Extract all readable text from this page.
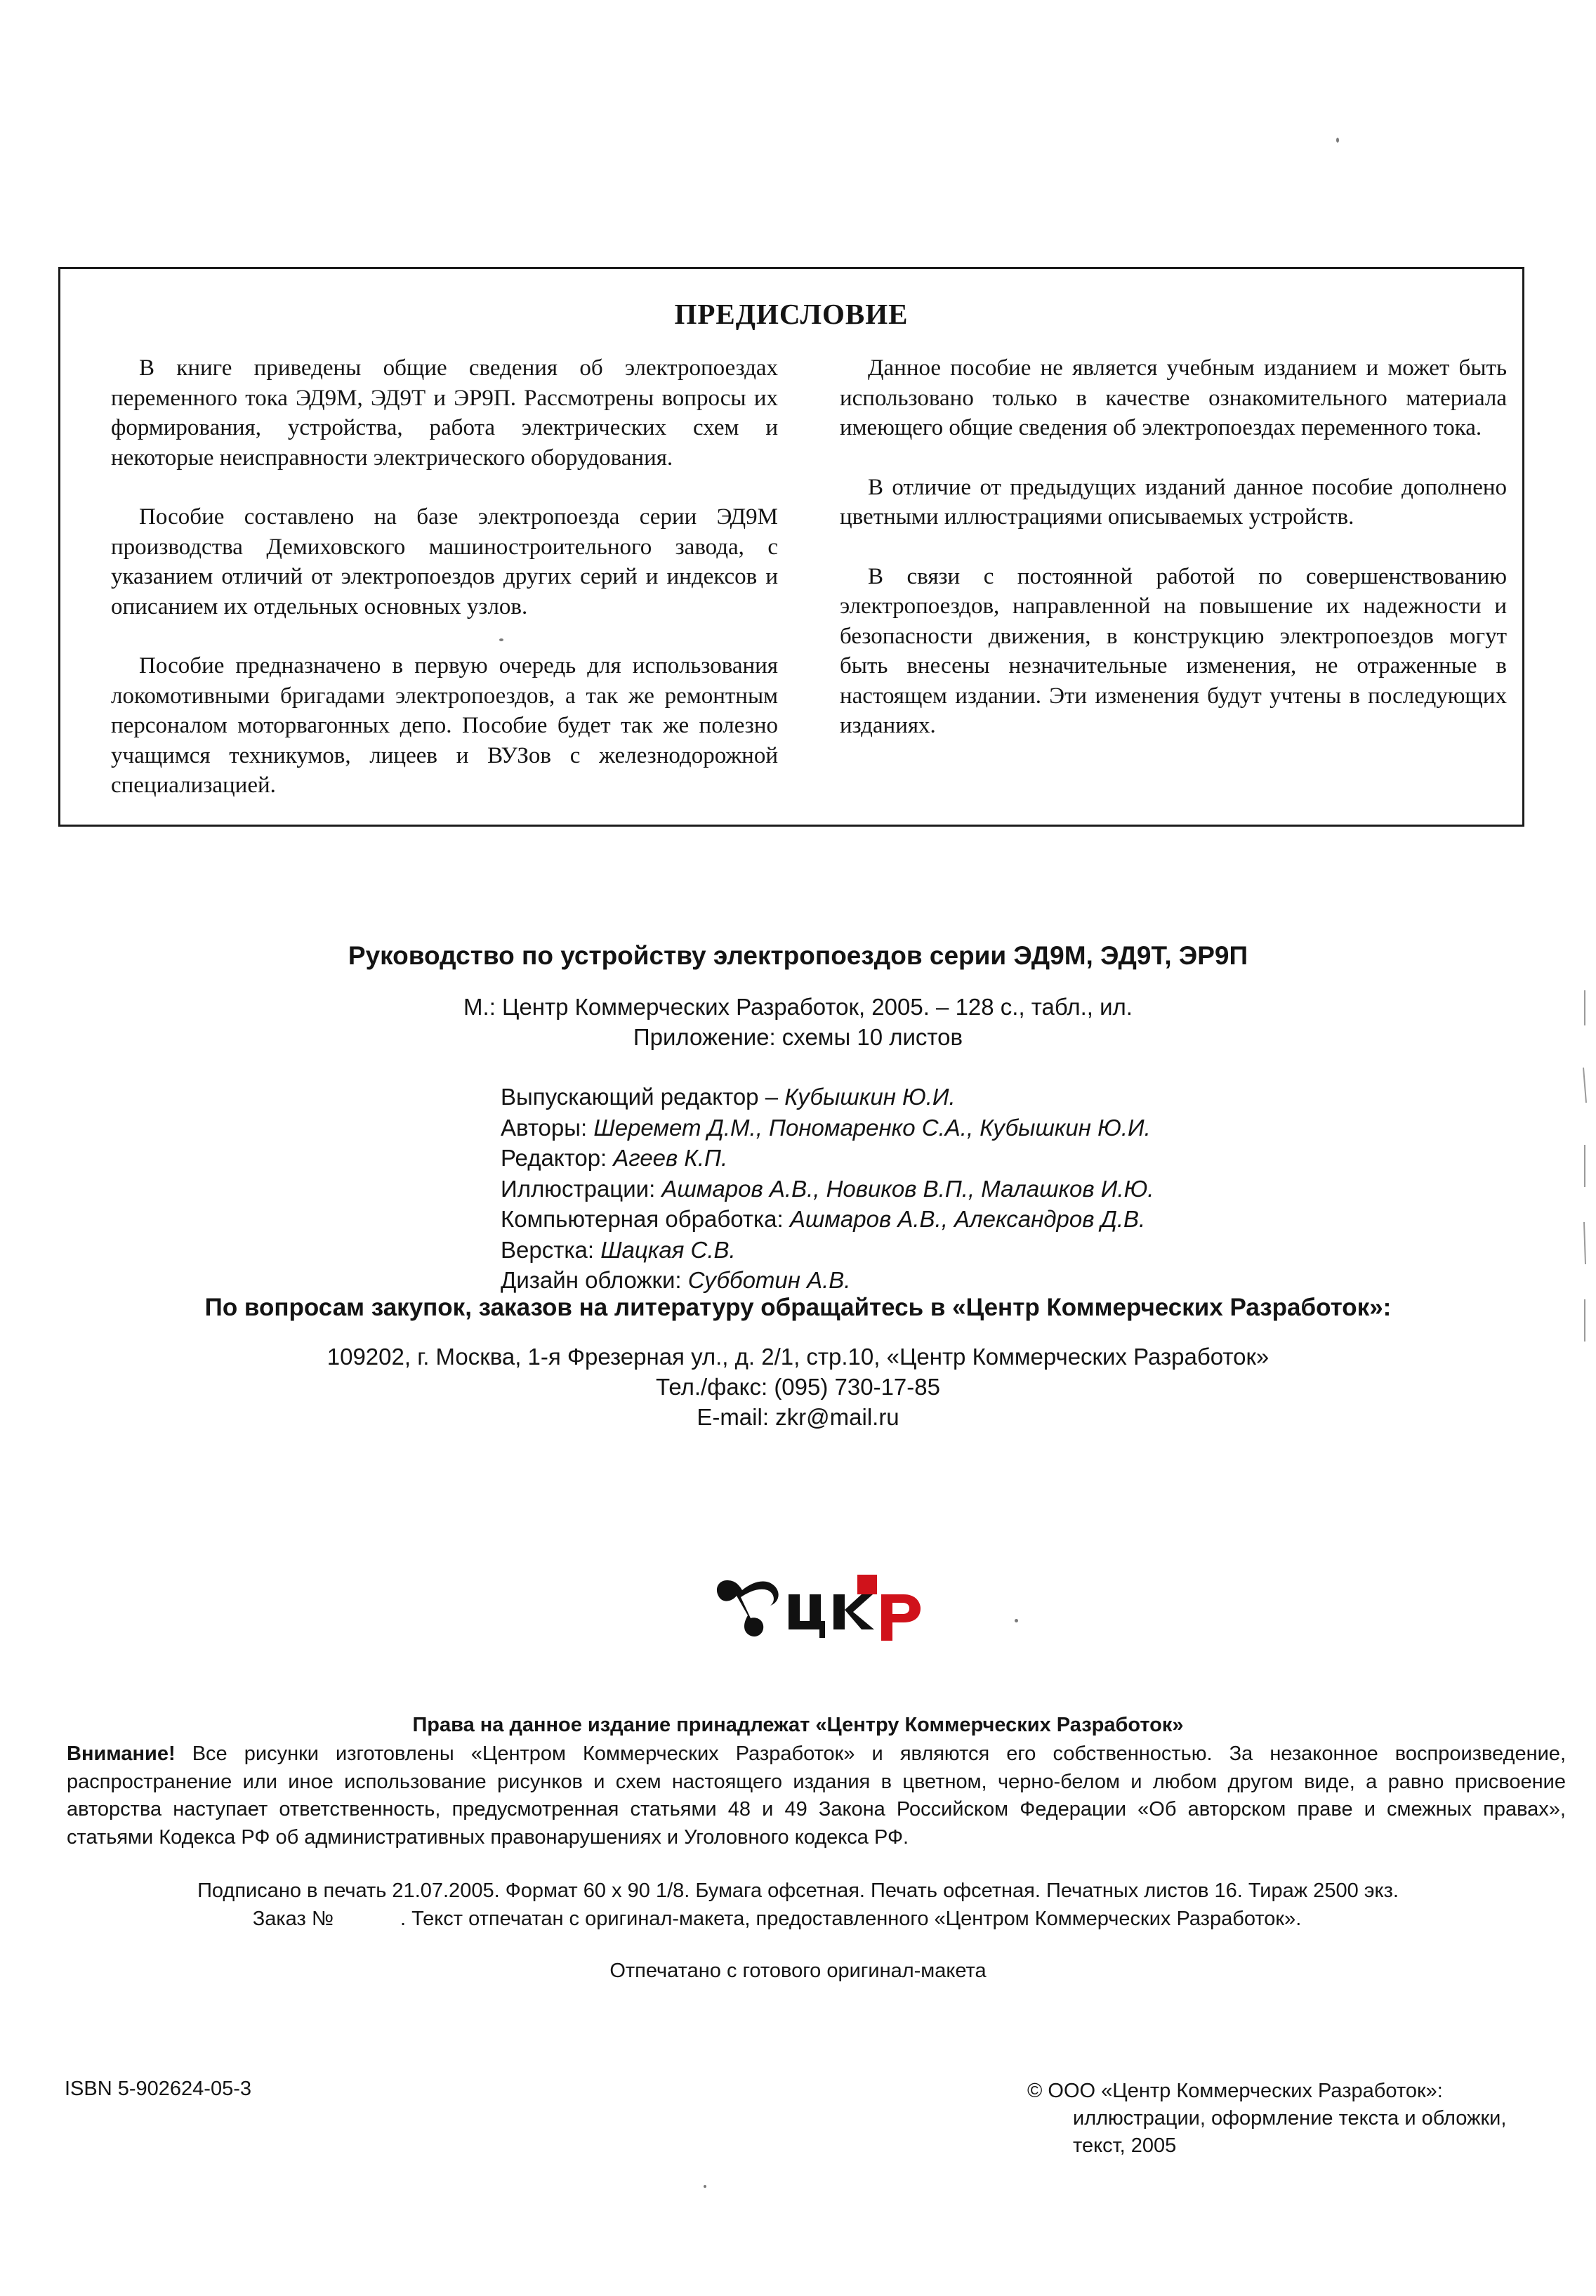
ПРЕДИСЛОВИЕ

В книге приведены общие сведения об электропоездах переменного тока ЭД9М, ЭД9Т и ЭР9П. Рассмотрены вопросы их формирования, устройства, работа электрических схем и некоторые неисправности электрического оборудования.

Пособие составлено на базе электропоезда серии ЭД9М производства Демиховского машиностроительного завода, с указанием отличий от электропоездов других серий и индексов и описанием их отдельных основных узлов.

Пособие предназначено в первую очередь для использования локомотивными бригадами электропоездов, а так же ремонтным персоналом моторвагонных депо. Пособие будет так же полезно учащимся техникумов, лицеев и ВУЗов с железнодорожной специализацией.

Данное пособие не является учебным изданием и может быть использовано только в качестве ознакомительного материала имеющего общие сведения об электропоездах переменного тока.

В отличие от предыдущих изданий данное пособие дополнено цветными иллюстрациями описываемых устройств.

В связи с постоянной работой по совершенствованию электропоездов, направленной на повышение их надежности и безопасности движения, в конструкцию электропоездов могут быть внесены незначительные изменения, не отраженные в настоящем издании. Эти изменения будут учтены в последующих изданиях.

Руководство по устройству электропоездов серии ЭД9М, ЭД9Т, ЭР9П
М.: Центр Коммерческих Разработок, 2005. – 128 с., табл., ил.
Приложение: схемы 10 листов
Выпускающий редактор – Кубышкин Ю.И.
Авторы: Шеремет Д.М., Пономаренко С.А., Кубышкин Ю.И.
Редактор: Агеев К.П.
Иллюстрации: Ашмаров А.В., Новиков В.П., Малашков И.Ю.
Компьютерная обработка: Ашмаров А.В., Александров Д.В.
Верстка: Шацкая С.В.
Дизайн обложки: Субботин А.В.
По вопросам закупок, заказов на литературу обращайтесь в «Центр Коммерческих Разработок»:
109202, г. Москва, 1-я Фрезерная ул., д. 2/1, стр.10, «Центр Коммерческих Разработок»
Тел./факс: (095) 730-17-85
E-mail: zkr@mail.ru
Права на данное издание принадлежат «Центру Коммерческих Разработок»
Внимание! Все рисунки изготовлены «Центром Коммерческих Разработок» и являются его собственностью. За незаконное воспроизведение, распространение или иное использование рисунков и схем настоящего издания в цветном, черно-белом и любом другом виде, а равно присвоение авторства наступает ответственность, предусмотренная статьями 48 и 49 Закона Российском Федерации «Об авторском праве и смежных правах», статьями Кодекса РФ об административных правонарушениях и Уголовного кодекса РФ.
Подписано в печать 21.07.2005. Формат 60 x 90 1/8. Бумага офсетная. Печать офсетная. Печатных листов 16. Тираж 2500 экз.
Заказ №	. Текст отпечатан с оригинал-макета, предоставленного «Центром Коммерческих Разработок».
Отпечатано с готового оригинал-макета
ISBN 5-902624-05-3	© ООО «Центр Коммерческих Разработок»:
иллюстрации, оформление текста и обложки,
текст, 2005
